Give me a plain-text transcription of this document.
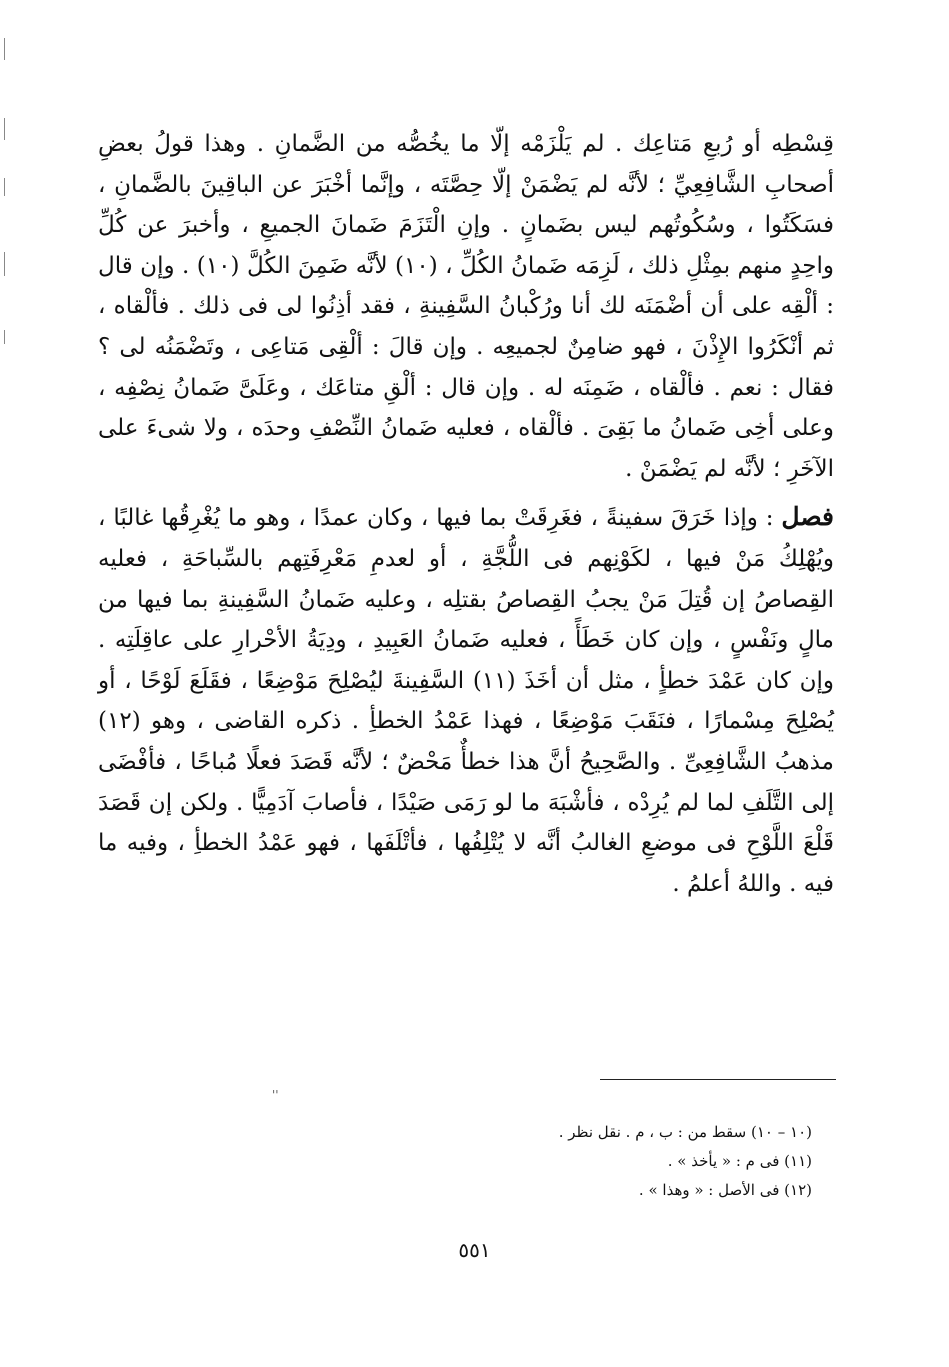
قِسْطِه أو رُبعِ مَتاعِك . لم يَلْزَمْه إلّا ما يخُصُّه من الضَّمانِ . وهذا قولُ بعضِ أصحابِ الشَّافِعِيِّ ؛ لأنَّه لم يَضْمَنْ إلّا حِصَّتَه ، وإنَّما أخْبَرَ عن الباقِينَ بالضَّمانِ ، فسَكَتُوا ، وسُكُوتُهم ليس بضَمانٍ . وإنِ الْتَزَمَ ضَمانَ الجميعِ ، وأخبرَ عن كُلِّ واحِدٍ منهم بمِثْلِ ذلك ، لَزِمَه ضَمانُ الكُلِّ ، (١٠) لأنَّه ضَمِنَ الكُلَّ (١٠) . وإن قال : ألْقِه على أن أضْمَنَه لك أنا ورُكْبانُ السَّفِينةِ ، فقد أذِنُوا لى فى ذلك . فألْقاه ، ثم أنْكَرُوا الإِذْنَ ، فهو ضامِنٌ لجميعِه . وإن قالَ : ألْقِى مَتاعِى ، وتَضْمَنُه لى ؟ فقال : نعم . فألْقاه ، ضَمِنَه له . وإن قال : ألْقِ متاعَك ، وعَلَىَّ ضَمانُ نِصْفِه ، وعلى أخِى ضَمانُ ما بَقِىَ . فألْقاه ، فعليه ضَمانُ النِّصْفِ وحدَه ، ولا شىءَ على الآخَرِ ؛ لأنَّه لم يَضْمَنْ .

فصل : وإذا خَرَقَ سفينةً ، فغَرِقَتْ بما فيها ، وكان عمدًا ، وهو ما يُغْرِقُها غالبًا ، ويُهْلِكُ مَنْ فيها ، لكَوْنِهم فى اللُّجَّةِ ، أو لعدمِ مَعْرِفَتِهم بالسِّباحَةِ ، فعليه القِصاصُ إن قُتِلَ مَنْ يجبُ القِصاصُ بقتلِه ، وعليه ضَمانُ السَّفِينةِ بما فيها من مالٍ ونَفْسٍ ، وإن كان خَطَأً ، فعليه ضَمانُ العَبِيدِ ، ودِيَةُ الأحْرارِ على عاقِلَتِه . وإن كان عَمْدَ خطأٍ ، مثل أن أخَذَ (١١) السَّفِينةَ ليُصْلِحَ مَوْضِعًا ، فقَلَعَ لَوْحًا ، أو يُصْلِحَ مِسْمارًا ، فنَقَبَ مَوْضِعًا ، فهذا عَمْدُ الخطأِ . ذكره القاضى ، وهو (١٢) مذهبُ الشَّافِعِىِّ . والصَّحِيحُ أنَّ هذا خطأٌ مَحْضٌ ؛ لأنَّه قَصَدَ فعلًا مُباحًا ، فأفْضَى إلى التَّلَفِ لما لم يُرِدْه ، فأشْبَهَ ما لو رَمَى صَيْدًا ، فأصابَ آدَمِيًّا . ولكن إن قَصَدَ قَلْعَ اللَّوْحِ فى موضعِ الغالبُ أنَّه لا يُتْلِفُها ، فأتْلَفَها ، فهو عَمْدُ الخطأِ ، وفيه ما فيه . واللهُ أعلمُ .

''
(١٠ – ١٠) سقط من : ب ، م . نقل نظر .
(١١) فى م : « يأخذ » .
(١٢) فى الأصل : « وهذا » .
٥٥١
